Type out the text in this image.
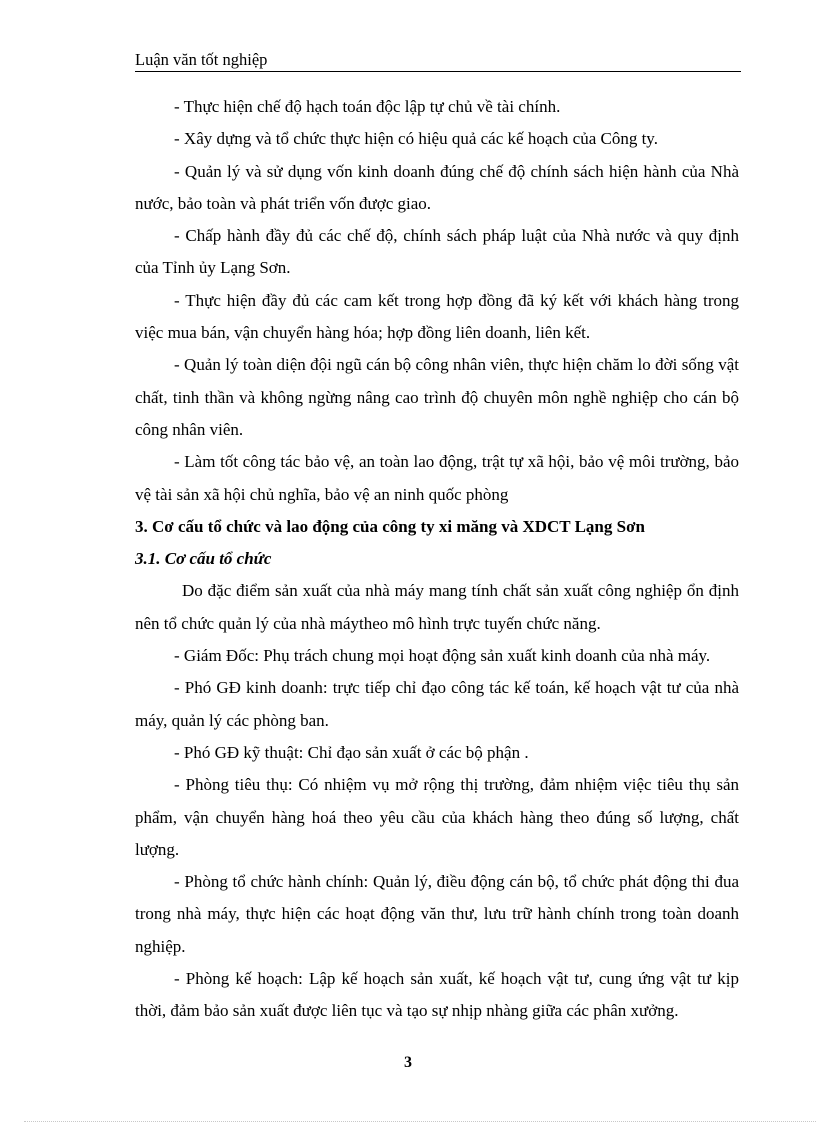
Luận văn tốt nghiệp

- Thực hiện chế độ hạch toán độc lập tự chủ về tài chính.

- Xây dựng và tổ chức thực hiện có hiệu quả các kế hoạch của Công ty.

- Quản lý và sử dụng vốn kinh doanh đúng chế độ chính sách hiện hành của Nhà nước, bảo toàn và phát triển vốn được giao.

- Chấp hành đầy đủ các chế độ, chính sách pháp luật của Nhà nước và quy định của Tỉnh ủy Lạng Sơn.

- Thực hiện đầy đủ các cam kết trong hợp đồng đã ký kết với khách hàng trong việc mua bán, vận chuyển hàng hóa; hợp đồng liên doanh, liên kết.

- Quản lý toàn diện đội ngũ cán bộ công nhân viên, thực hiện chăm lo đời sống vật chất, tinh thần và không ngừng nâng cao trình độ chuyên môn nghề nghiệp cho cán bộ công nhân viên.

- Làm tốt công tác bảo vệ, an toàn lao động, trật tự xã hội, bảo vệ môi trường, bảo vệ tài sản xã hội chủ nghĩa, bảo vệ an ninh quốc phòng

3. Cơ cấu tổ chức và lao động của công ty xi măng và XDCT Lạng Sơn

3.1. Cơ cấu tổ chức

Do đặc điểm sản xuất của nhà máy mang tính chất sản xuất công nghiệp ổn định nên tổ chức quản lý của nhà máytheo mô hình trực tuyến chức năng.

- Giám Đốc: Phụ trách chung mọi hoạt động sản xuất kinh doanh của nhà máy.

- Phó GĐ kinh doanh: trực tiếp chỉ đạo công tác kế toán, kế hoạch vật tư của nhà máy, quản lý các phòng ban.

- Phó GĐ kỹ thuật: Chỉ đạo sản xuất ở các bộ phận .

- Phòng tiêu thụ: Có nhiệm vụ mở rộng thị trường, đảm nhiệm việc tiêu thụ sản phẩm, vận chuyển hàng hoá theo yêu cầu của khách hàng theo đúng số lượng, chất lượng.

- Phòng tổ chức hành chính: Quản lý, điều động cán bộ, tổ chức phát động thi đua trong nhà máy, thực hiện các hoạt động văn thư, lưu trữ hành chính trong toàn doanh nghiệp.

- Phòng kế hoạch: Lập kế hoạch sản xuất, kế hoạch vật tư, cung ứng vật tư kịp thời, đảm bảo sản xuất được liên tục và tạo sự nhịp nhàng giữa các phân xưởng.

3
